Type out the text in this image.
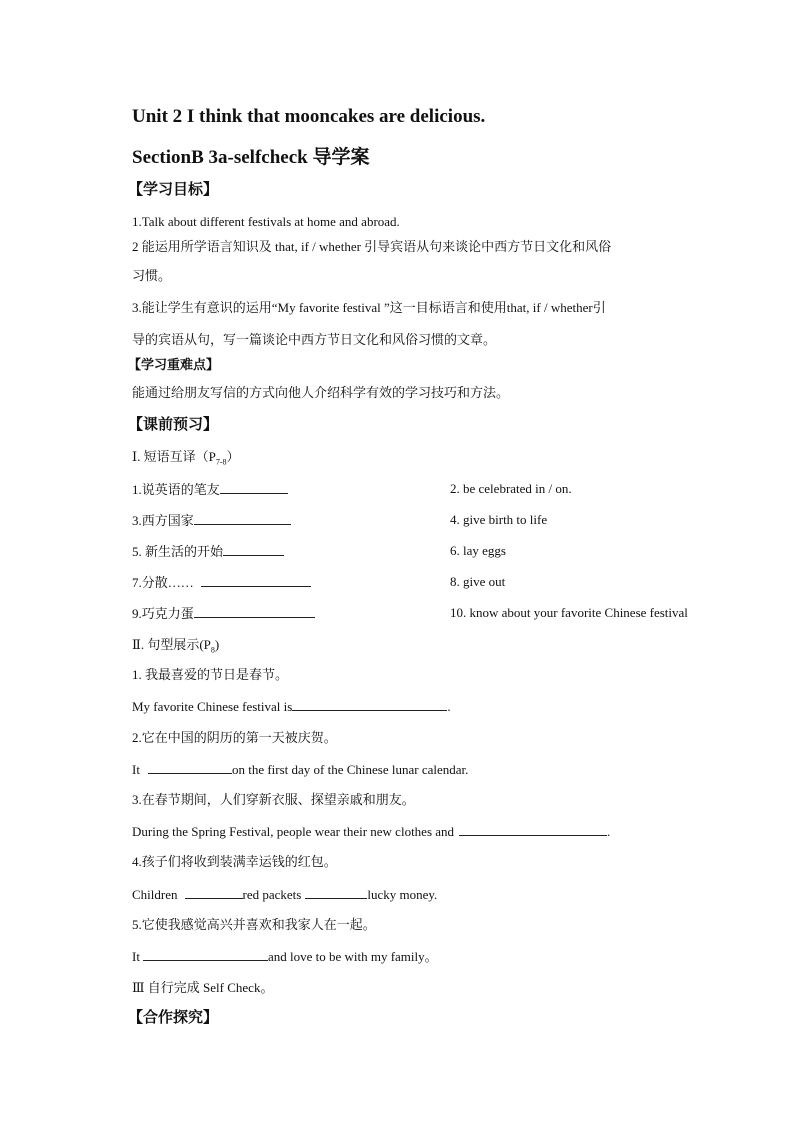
Unit 2 I think that mooncakes are delicious.
SectionB 3a-selfcheck 导学案
【学习目标】
1.Talk about different festivals at home and abroad.
2 能运用所学语言知识及 that, if / whether 引导宾语从句来谈论中西方节日文化和风俗
习惯。
3.能让学生有意识的运用“My favorite festival ”这一目标语言和使用that, if / whether引
导的宾语从句，写一篇谈论中西方节日文化和风俗习惯的文章。
【学习重难点】
能通过给朋友写信的方式向他人介绍科学有效的学习技巧和方法。
【课前预习】
Ⅰ. 短语互译$(P_{7-8})$
1.说英语的笔友	2. be celebrated in / on.
3.西方国家	4. give birth to life
5. 新生活的开始	6. lay eggs
7.分散……	8. give out
9.巧克力蛋	10. know about your favorite Chinese festival
Ⅱ. 句型展示$(P_8)$
1. 我最喜爱的节日是春节。
My favorite Chinese festival is	.
2.它在中国的阴历的第一天被庆贺。
It	on the first day of the Chinese lunar calendar.
3.在春节期间，人们穿新衣服、探望亲戚和朋友。
During the Spring Festival, people wear their new clothes and	.
4.孩子们将收到装满幸运钱的红包。
Children	red packets	lucky money.
5.它使我感觉高兴并喜欢和我家人在一起。
It	and love to be with my family。
Ⅲ 自行完成 Self Check。
【合作探究】
